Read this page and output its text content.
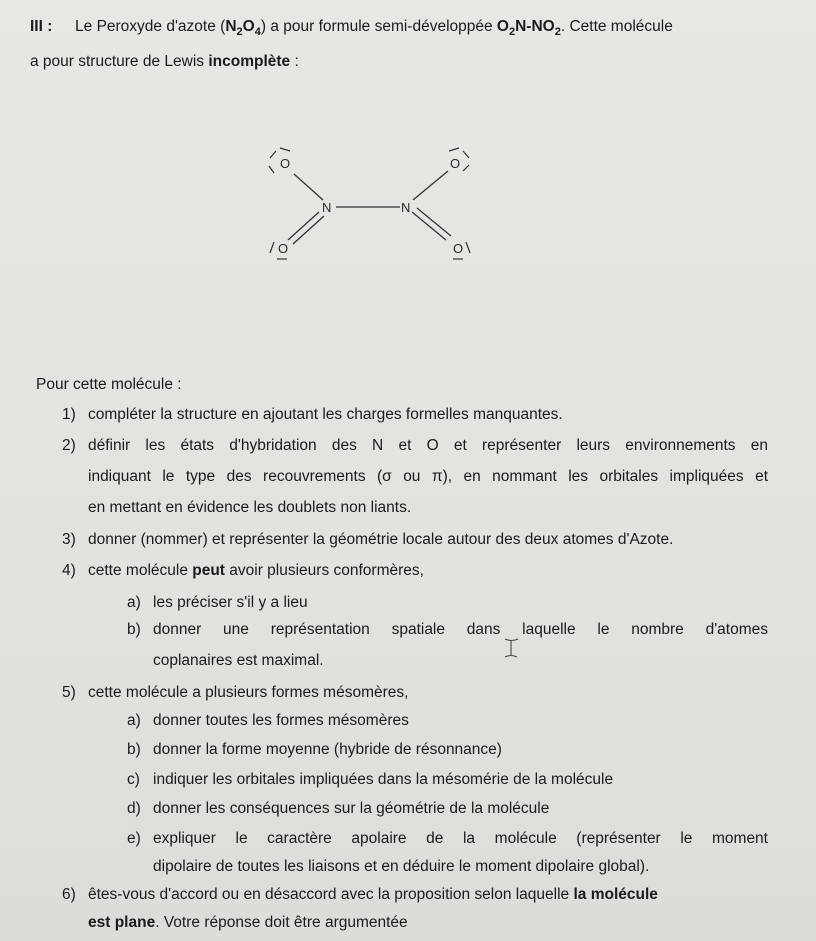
III : Le Peroxyde d'azote $(N_2O_4)$ a pour formule semi-développée $O_2N-NO_2$. Cette molécule
a pour structure de Lewis incomplète :
N	N
O	O
O	O
Pour cette molécule :
1) compléter la structure en ajoutant les charges formelles manquantes.
2) définir les états d'hybridation des N et O et représenter leurs environnements en
indiquant le type des recouvrements (σ ou π), en nommant les orbitales impliquées et
en mettant en évidence les doublets non liants.
3) donner (nommer) et représenter la géométrie locale autour des deux atomes d'Azote.
4) cette molécule peut avoir plusieurs conformères,
a) les préciser s'il y a lieu
b) donner une représentation spatiale dans laquelle le nombre d'atomes
coplanaires est maximal.
5) cette molécule a plusieurs formes mésomères,
a) donner toutes les formes mésomères
b) donner la forme moyenne (hybride de résonnance)
c) indiquer les orbitales impliquées dans la mésomérie de la molécule
d) donner les conséquences sur la géométrie de la molécule
e) expliquer le caractère apolaire de la molécule (représenter le moment
dipolaire de toutes les liaisons et en déduire le moment dipolaire global).
6) êtes-vous d'accord ou en désaccord avec la proposition selon laquelle la molécule
est plane. Votre réponse doit être argumentée
